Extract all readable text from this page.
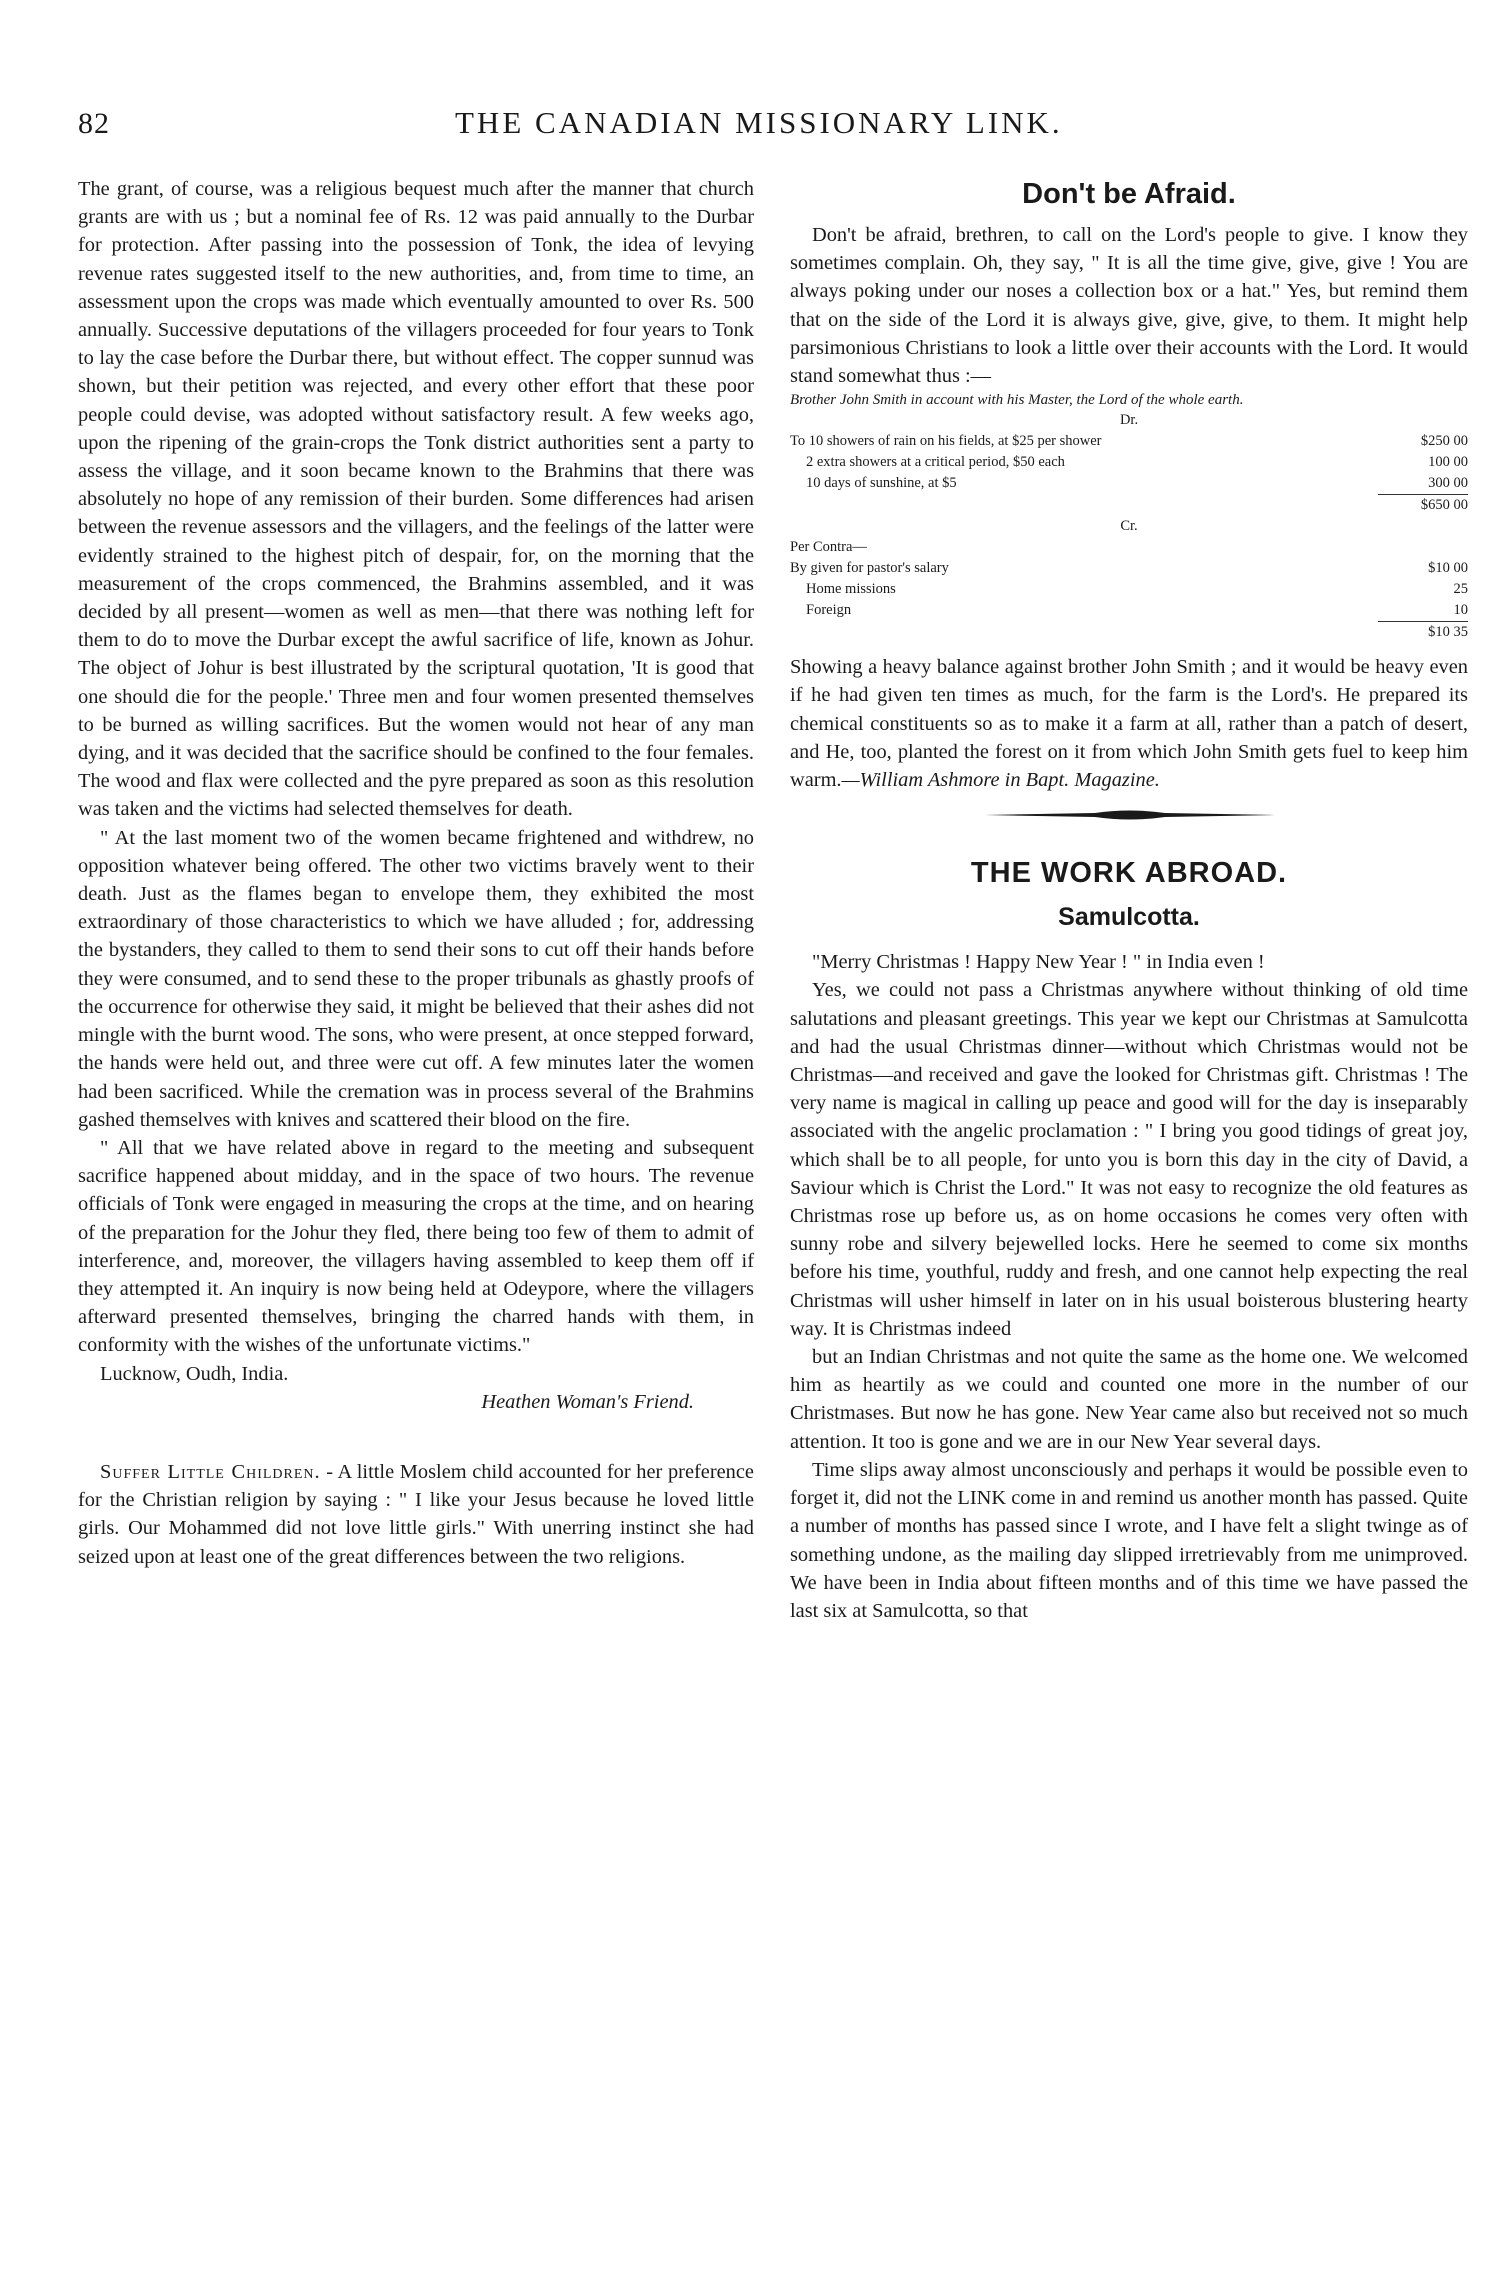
82	THE CANADIAN MISSIONARY LINK.

The grant, of course, was a religious bequest much after the manner that church grants are with us ; but a nominal fee of Rs. 12 was paid annually to the Durbar for protection. After passing into the possession of Tonk, the idea of levying revenue rates suggested itself to the new authorities, and, from time to time, an assessment upon the crops was made which eventually amounted to over Rs. 500 annually. Successive deputations of the villagers proceeded for four years to Tonk to lay the case before the Durbar there, but without effect. The copper sunnud was shown, but their petition was rejected, and every other effort that these poor people could devise, was adopted without satisfactory result. A few weeks ago, upon the ripening of the grain-crops the Tonk district authorities sent a party to assess the village, and it soon became known to the Brahmins that there was absolutely no hope of any remission of their burden. Some differences had arisen between the revenue assessors and the villagers, and the feelings of the latter were evidently strained to the highest pitch of despair, for, on the morning that the measurement of the crops commenced, the Brahmins assembled, and it was decided by all present—women as well as men—that there was nothing left for them to do to move the Durbar except the awful sacrifice of life, known as Johur. The object of Johur is best illustrated by the scriptural quotation, 'It is good that one should die for the people.' Three men and four women presented themselves to be burned as willing sacrifices. But the women would not hear of any man dying, and it was decided that the sacrifice should be confined to the four females. The wood and flax were collected and the pyre prepared as soon as this resolution was taken and the victims had selected themselves for death.

" At the last moment two of the women became frightened and withdrew, no opposition whatever being offered. The other two victims bravely went to their death. Just as the flames began to envelope them, they exhibited the most extraordinary of those characteristics to which we have alluded ; for, addressing the bystanders, they called to them to send their sons to cut off their hands before they were consumed, and to send these to the proper tribunals as ghastly proofs of the occurrence for otherwise they said, it might be believed that their ashes did not mingle with the burnt wood. The sons, who were present, at once stepped forward, the hands were held out, and three were cut off. A few minutes later the women had been sacrificed. While the cremation was in process several of the Brahmins gashed themselves with knives and scattered their blood on the fire.

" All that we have related above in regard to the meeting and subsequent sacrifice happened about midday, and in the space of two hours. The revenue officials of Tonk were engaged in measuring the crops at the time, and on hearing of the preparation for the Johur they fled, there being too few of them to admit of interference, and, moreover, the villagers having assembled to keep them off if they attempted it. An inquiry is now being held at Odeypore, where the villagers afterward presented themselves, bringing the charred hands with them, in conformity with the wishes of the unfortunate victims."

Lucknow, Oudh, India.

Heathen Woman's Friend.

Suffer Little Children. - A little Moslem child accounted for her preference for the Christian religion by saying : " I like your Jesus because he loved little girls. Our Mohammed did not love little girls." With unerring instinct she had seized upon at least one of the great differences between the two religions.

Don't be Afraid.

Don't be afraid, brethren, to call on the Lord's people to give. I know they sometimes complain. Oh, they say, " It is all the time give, give, give ! You are always poking under our noses a collection box or a hat." Yes, but remind them that on the side of the Lord it is always give, give, give, to them. It might help parsimonious Christians to look a little over their accounts with the Lord. It would stand somewhat thus :—

Brother John Smith in account with his Master, the Lord of the whole earth.

Dr.	
To 10 showers of rain on his fields, at $25 per shower	$250 00
2 extra showers at a critical period, $50 each	100 00
10 days of sunshine, at $5	300 00
	$650 00
Cr.	
Per Contra—	
By given for pastor's salary	$10 00
Home missions	25
Foreign	10
	$10 35

Showing a heavy balance against brother John Smith ; and it would be heavy even if he had given ten times as much, for the farm is the Lord's. He prepared its chemical constituents so as to make it a farm at all, rather than a patch of desert, and He, too, planted the forest on it from which John Smith gets fuel to keep him warm.—William Ashmore in Bapt. Magazine.

THE WORK ABROAD.
Samulcotta.

"Merry Christmas ! Happy New Year ! " in India even !

Yes, we could not pass a Christmas anywhere without thinking of old time salutations and pleasant greetings. This year we kept our Christmas at Samulcotta and had the usual Christmas dinner—without which Christmas would not be Christmas—and received and gave the looked for Christmas gift. Christmas ! The very name is magical in calling up peace and good will for the day is inseparably associated with the angelic proclamation : " I bring you good tidings of great joy, which shall be to all people, for unto you is born this day in the city of David, a Saviour which is Christ the Lord." It was not easy to recognize the old features as Christmas rose up before us, as on home occasions he comes very often with sunny robe and silvery bejewelled locks. Here he seemed to come six months before his time, youthful, ruddy and fresh, and one cannot help expecting the real Christmas will usher himself in later on in his usual boisterous blustering hearty way. It is Christmas indeed

but an Indian Christmas and not quite the same as the home one. We welcomed him as heartily as we could and counted one more in the number of our Christmases. But now he has gone. New Year came also but received not so much attention. It too is gone and we are in our New Year several days.

Time slips away almost unconsciously and perhaps it would be possible even to forget it, did not the LINK come in and remind us another month has passed. Quite a number of months has passed since I wrote, and I have felt a slight twinge as of something undone, as the mailing day slipped irretrievably from me unimproved. We have been in India about fifteen months and of this time we have passed the last six at Samulcotta, so that
